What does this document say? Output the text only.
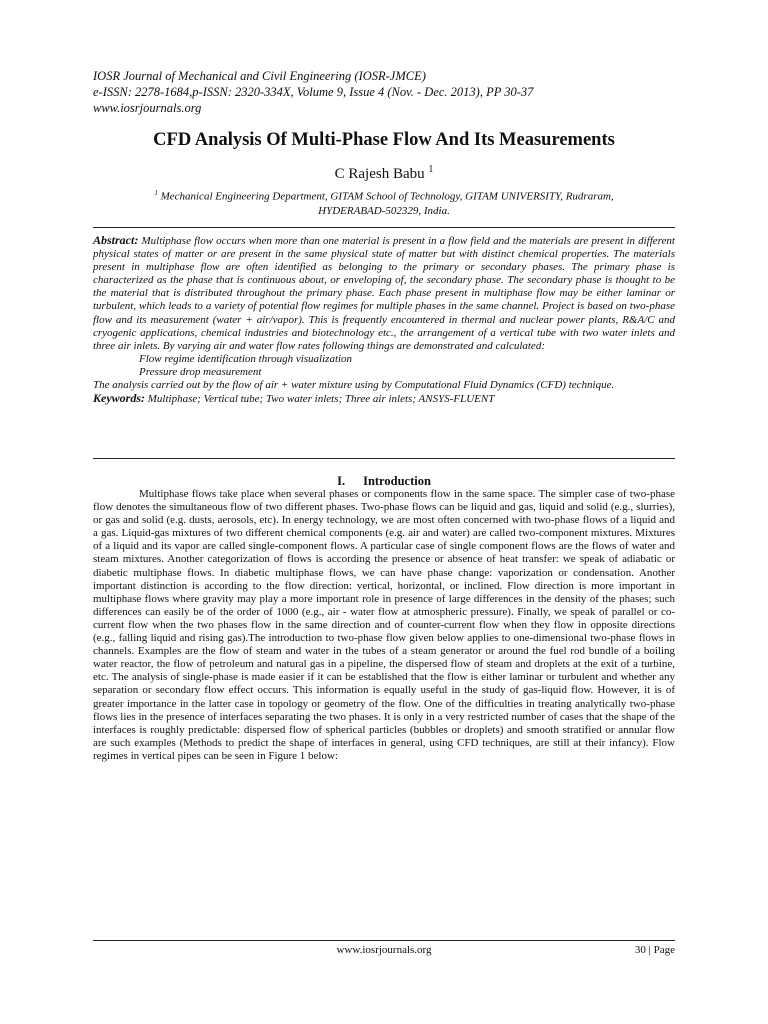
IOSR Journal of Mechanical and Civil Engineering (IOSR-JMCE)
e-ISSN: 2278-1684,p-ISSN: 2320-334X, Volume 9, Issue 4 (Nov. - Dec. 2013), PP 30-37
www.iosrjournals.org
CFD Analysis Of Multi-Phase Flow And Its Measurements
C Rajesh Babu $^1$
$^1$ Mechanical Engineering Department, GITAM School of Technology, GITAM UNIVERSITY, Rudraram,
HYDERABAD-502329, India.
Abstract: Multiphase flow occurs when more than one material is present in a flow field and the materials are present in different physical states of matter or are present in the same physical state of matter but with distinct chemical properties. The materials present in multiphase flow are often identified as belonging to the primary or secondary phases. The primary phase is characterized as the phase that is continuous about, or enveloping of, the secondary phase. The secondary phase is thought to be the material that is distributed throughout the primary phase. Each phase present in multiphase flow may be either laminar or turbulent, which leads to a variety of potential flow regimes for multiple phases in the same channel. Project is based on two-phase flow and its measurement (water + air/vapor). This is frequently encountered in thermal and nuclear power plants, R&A/C and cryogenic applications, chemical industries and biotechnology etc., the arrangement of a vertical tube with two water inlets and three air inlets. By varying air and water flow rates following things are demonstrated and calculated:
Flow regime identification through visualization
Pressure drop measurement
The analysis carried out by the flow of air + water mixture using by Computational Fluid Dynamics (CFD) technique.
Keywords: Multiphase; Vertical tube; Two water inlets; Three air inlets; ANSYS-FLUENT
I. Introduction
Multiphase flows take place when several phases or components flow in the same space. The simpler case of two-phase flow denotes the simultaneous flow of two different phases. Two-phase flows can be liquid and gas, liquid and solid (e.g., slurries), or gas and solid (e.g. dusts, aerosols, etc). In energy technology, we are most often concerned with two-phase flows of a liquid and a gas. Liquid-gas mixtures of two different chemical components (e.g. air and water) are called two-component mixtures. Mixtures of a liquid and its vapor are called single-component flows. A particular case of single component flows are the flows of water and steam mixtures. Another categorization of flows is according the presence or absence of heat transfer: we speak of adiabatic or diabetic multiphase flows. In diabetic multiphase flows, we can have phase change: vaporization or condensation. Another important distinction is according to the flow direction: vertical, horizontal, or inclined. Flow direction is more important in multiphase flows where gravity may play a more important role in presence of large differences in the density of the phases; such differences can easily be of the order of 1000 (e.g., air - water flow at atmospheric pressure). Finally, we speak of parallel or co-current flow when the two phases flow in the same direction and of counter-current flow when they flow in opposite directions (e.g., falling liquid and rising gas).The introduction to two-phase flow given below applies to one-dimensional two-phase flows in channels. Examples are the flow of steam and water in the tubes of a steam generator or around the fuel rod bundle of a boiling water reactor, the flow of petroleum and natural gas in a pipeline, the dispersed flow of steam and droplets at the exit of a turbine, etc. The analysis of single-phase is made easier if it can be established that the flow is either laminar or turbulent and whether any separation or secondary flow effect occurs. This information is equally useful in the study of gas-liquid flow. However, it is of greater importance in the latter case in topology or geometry of the flow. One of the difficulties in treating analytically two-phase flows lies in the presence of interfaces separating the two phases. It is only in a very restricted number of cases that the shape of the interfaces is roughly predictable: dispersed flow of spherical particles (bubbles or droplets) and smooth stratified or annular flow are such examples (Methods to predict the shape of interfaces in general, using CFD techniques, are still at their infancy). Flow regimes in vertical pipes can be seen in Figure 1 below:
www.iosrjournals.org	30 | Page
